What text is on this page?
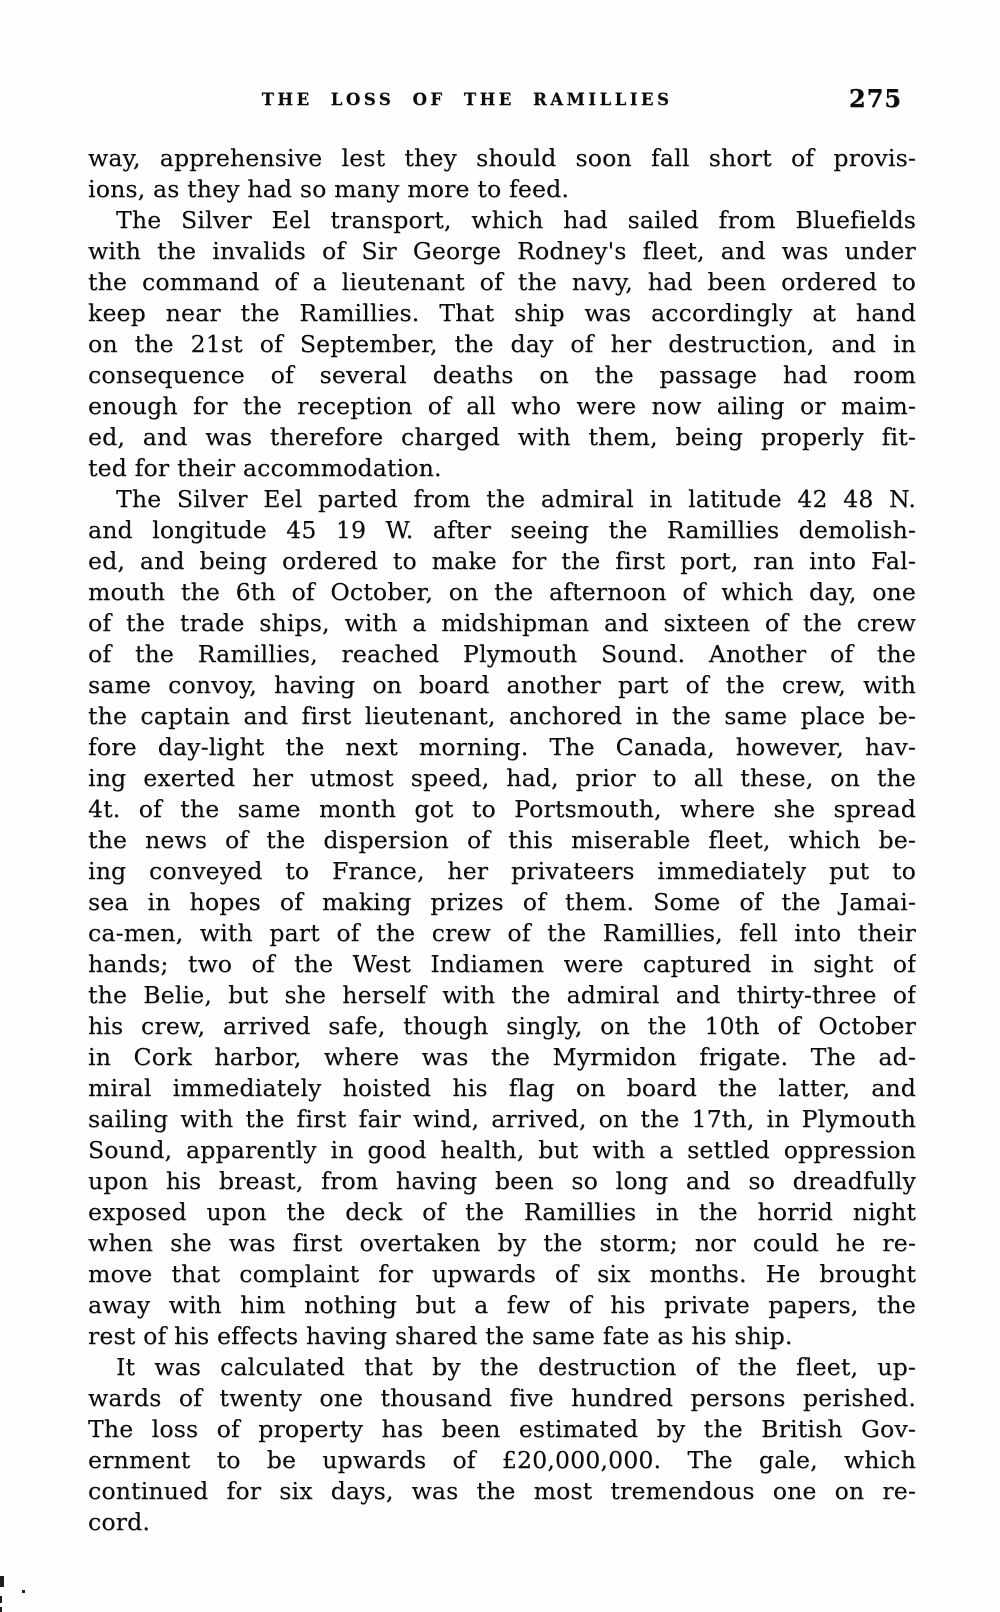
THE LOSS OF THE RAMILLIES	275
way, apprehensive lest they should soon fall short of provis-
ions, as they had so many more to feed.
The Silver Eel transport, which had sailed from Bluefields
with the invalids of Sir George Rodney's fleet, and was under
the command of a lieutenant of the navy, had been ordered to
keep near the Ramillies. That ship was accordingly at hand
on the 21st of September, the day of her destruction, and in
consequence of several deaths on the passage had room
enough for the reception of all who were now ailing or maim-
ed, and was therefore charged with them, being properly fit-
ted for their accommodation.
The Silver Eel parted from the admiral in latitude 42 48 N.
and longitude 45 19 W. after seeing the Ramillies demolish-
ed, and being ordered to make for the first port, ran into Fal-
mouth the 6th of October, on the afternoon of which day, one
of the trade ships, with a midshipman and sixteen of the crew
of the Ramillies, reached Plymouth Sound. Another of the
same convoy, having on board another part of the crew, with
the captain and first lieutenant, anchored in the same place be-
fore day-light the next morning. The Canada, however, hav-
ing exerted her utmost speed, had, prior to all these, on the
4t. of the same month got to Portsmouth, where she spread
the news of the dispersion of this miserable fleet, which be-
ing conveyed to France, her privateers immediately put to
sea in hopes of making prizes of them. Some of the Jamai-
ca-men, with part of the crew of the Ramillies, fell into their
hands; two of the West Indiamen were captured in sight of
the Belie, but she herself with the admiral and thirty-three of
his crew, arrived safe, though singly, on the 10th of October
in Cork harbor, where was the Myrmidon frigate. The ad-
miral immediately hoisted his flag on board the latter, and
sailing with the first fair wind, arrived, on the 17th, in Plymouth
Sound, apparently in good health, but with a settled oppression
upon his breast, from having been so long and so dreadfully
exposed upon the deck of the Ramillies in the horrid night
when she was first overtaken by the storm; nor could he re-
move that complaint for upwards of six months. He brought
away with him nothing but a few of his private papers, the
rest of his effects having shared the same fate as his ship.
It was calculated that by the destruction of the fleet, up-
wards of twenty one thousand five hundred persons perished.
The loss of property has been estimated by the British Gov-
ernment to be upwards of £20,000,000. The gale, which
continued for six days, was the most tremendous one on re-
cord.
